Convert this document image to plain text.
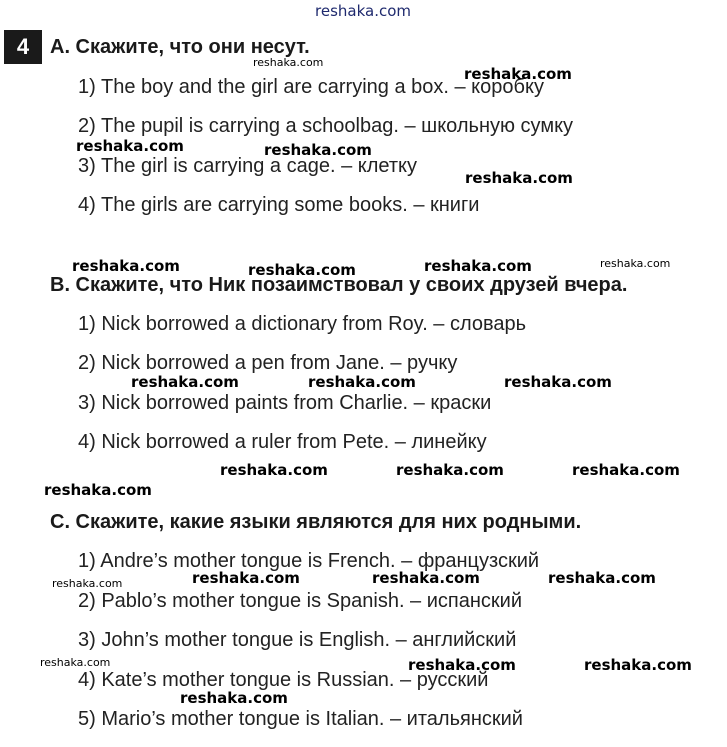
reshaka.com
4	A. Скажите, что они несут.
1) The boy and the girl are carrying a box. – коробку
2) The pupil is carrying a schoolbag. – школьную сумку
3) The girl is carrying a cage. – клетку
4) The girls are carrying some books. – книги
B. Скажите, что Ник позаимствовал у своих друзей вчера.
1) Nick borrowed a dictionary from Roy. – словарь
2) Nick borrowed a pen from Jane. – ручку
3) Nick borrowed paints from Charlie. – краски
4) Nick borrowed a ruler from Pete. – линейку
C. Скажите, какие языки являются для них родными.
1) Andre’s mother tongue is French. – французский
2) Pablo’s mother tongue is Spanish. – испанский
3) John’s mother tongue is English. – английский
4) Kate’s mother tongue is Russian. – русский
5) Mario’s mother tongue is Italian. – итальянский
reshaka.com
reshaka.com
reshaka.com	reshaka.com
reshaka.com
reshaka.com	reshaka.com	reshaka.com	reshaka.com
reshaka.com	reshaka.com	reshaka.com
reshaka.com	reshaka.com	reshaka.com
reshaka.com
reshaka.com	reshaka.com	reshaka.com
reshaka.com
reshaka.com	reshaka.com	reshaka.com
reshaka.com
